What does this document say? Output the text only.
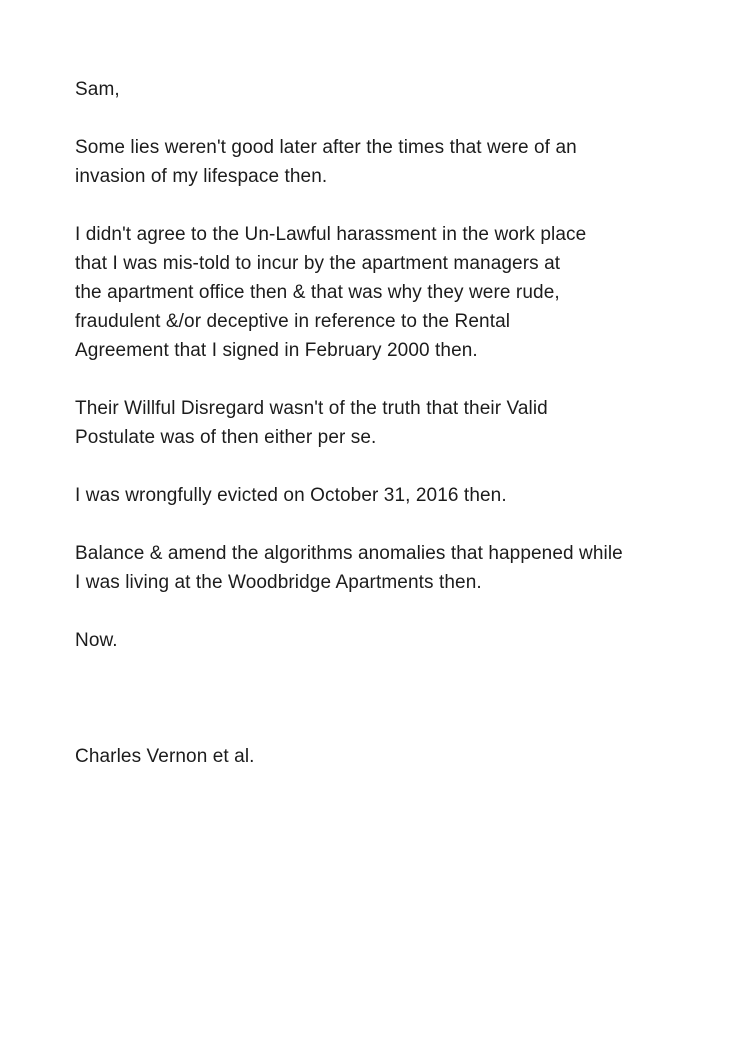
Sam,

Some lies weren't good later after the times that were of an
invasion of my lifespace then.

I didn't agree to the Un-Lawful harassment in the work place
that I was mis-told to incur by the apartment managers at
the apartment office then & that was why they were rude,
fraudulent &/or deceptive in reference to the Rental
Agreement that I signed in February 2000 then.

Their Willful Disregard wasn't of the truth that their Valid
Postulate was of then either per se.

I was wrongfully evicted on October 31, 2016 then.

Balance & amend the algorithms anomalies that happened while
I was living at the Woodbridge Apartments then.

Now.

Charles Vernon et al.
